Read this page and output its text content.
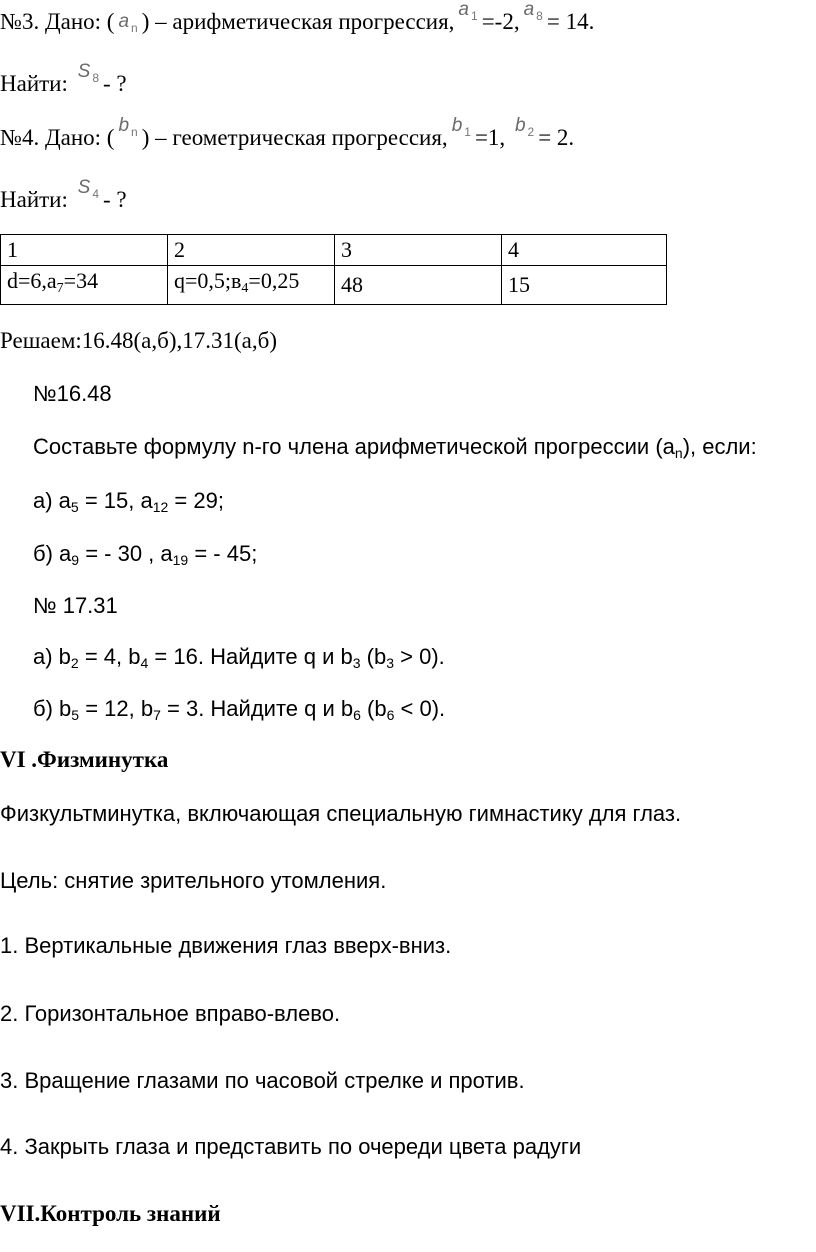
№3. Дано: ( a $_n$ ) – арифметическая прогрессия, a $_1$ =-2, a $_8$ = 14.
Найти: S $_8$ - ?
№4. Дано: ( b $_n$ ) – геометрическая прогрессия, b $_1$ =1, b $_2$ = 2.
Найти: S $_4$ - ?
1	2	3	4
$d=6,a_7=34$	$q=0,5;в_4=0,25$	48	15
Решаем:16.48(а,б),17.31(а,б)
№16.48
Составьте формулу n-го члена арифметической прогрессии $(a_n)$, если:
а) $a_5 = 15$, $a_{12} = 29$;
б) $a_9$ = - 30 , $a_{19}$ = - 45;
№ 17.31
а) $b_2 = 4$, $b_4 = 16$. Найдите q и $b_3$ $(b_3 > 0)$.
б) $b_5 = 12$, $b_7 = 3$. Найдите q и $b_6$ $(b_6 < 0)$.
VI .Физминутка
Физкультминутка, включающая специальную гимнастику для глаз.
Цель: снятие зрительного утомления.
1. Вертикальные движения глаз вверх-вниз.
2. Горизонтальное вправо-влево.
3. Вращение глазами по часовой стрелке и против.
4. Закрыть глаза и представить по очереди цвета радуги
VII.Контроль знаний
